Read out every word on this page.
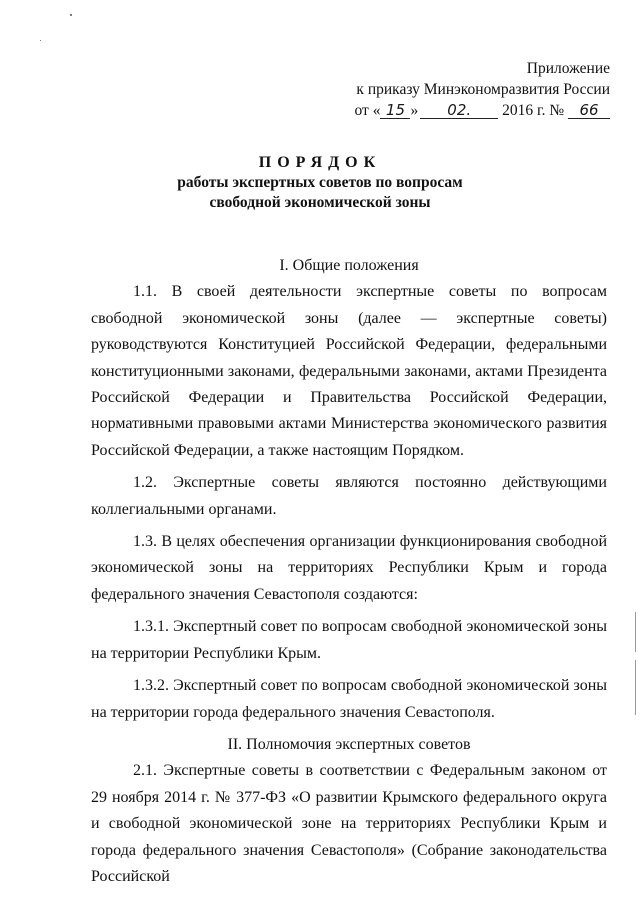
Приложение
к приказу Минэкономразвития России
от « 15 » 02. 2016 г. № 66
ПОРЯДОК
работы экспертных советов по вопросам
свободной экономической зоны
I. Общие положения

1.1. В своей деятельности экспертные советы по вопросам свободной экономической зоны (далее — экспертные советы) руководствуются Конституцией Российской Федерации, федеральными конституционными законами, федеральными законами, актами Президента Российской Федерации и Правительства Российской Федерации, нормативными правовыми актами Министерства экономического развития Российской Федерации, а также настоящим Порядком.

1.2. Экспертные советы являются постоянно действующими коллегиальными органами.

1.3. В целях обеспечения организации функционирования свободной экономической зоны на территориях Республики Крым и города федерального значения Севастополя создаются:

1.3.1. Экспертный совет по вопросам свободной экономической зоны на территории Республики Крым.

1.3.2. Экспертный совет по вопросам свободной экономической зоны на территории города федерального значения Севастополя.

II. Полномочия экспертных советов

2.1. Экспертные советы в соответствии с Федеральным законом от 29 ноября 2014 г. № 377-ФЗ «О развитии Крымского федерального округа и свободной экономической зоне на территориях Республики Крым и города федерального значения Севастополя» (Собрание законодательства Российской
